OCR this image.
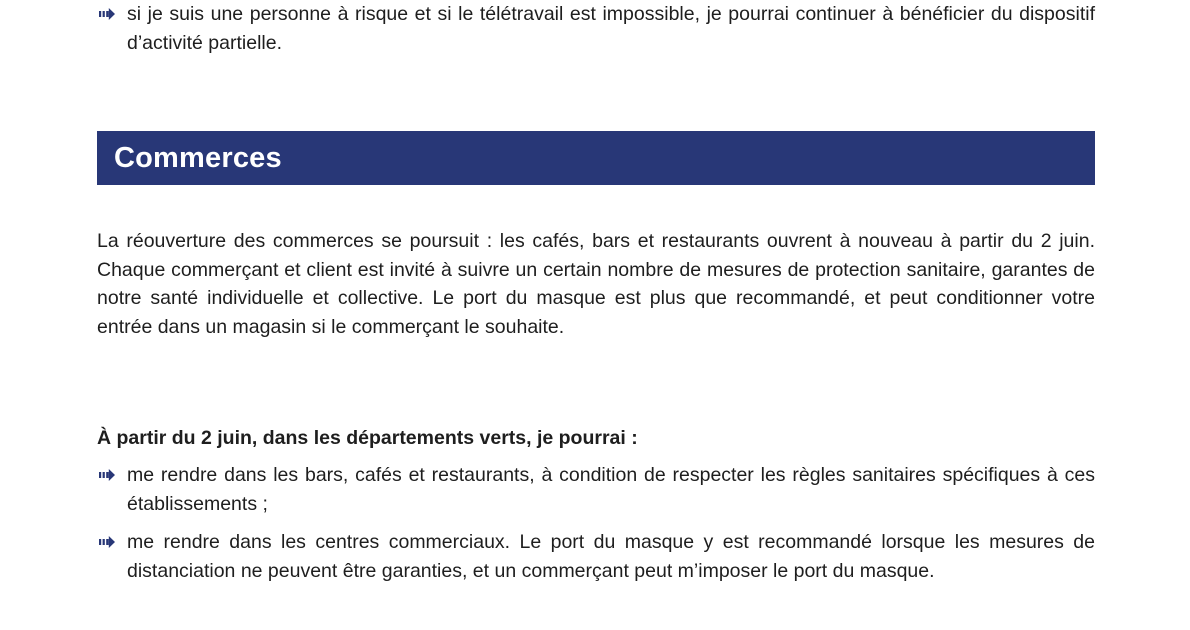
si je suis une personne à risque et si le télétravail est impossible, je pourrai continuer à bénéficier du dispositif d’activité partielle.
Commerces

La réouverture des commerces se poursuit : les cafés, bars et restaurants ouvrent à nouveau à partir du 2 juin. Chaque commerçant et client est invité à suivre un certain nombre de mesures de protection sanitaire, garantes de notre santé individuelle et collective. Le port du masque est plus que recommandé, et peut conditionner votre entrée dans un magasin si le commerçant le souhaite.

À partir du 2 juin, dans les départements verts, je pourrai :

me rendre dans les bars, cafés et restaurants, à condition de respecter les règles sanitaires spécifiques à ces établissements ;
me rendre dans les centres commerciaux. Le port du masque y est recommandé lorsque les mesures de distanciation ne peuvent être garanties, et un commerçant peut m’imposer le port du masque.
